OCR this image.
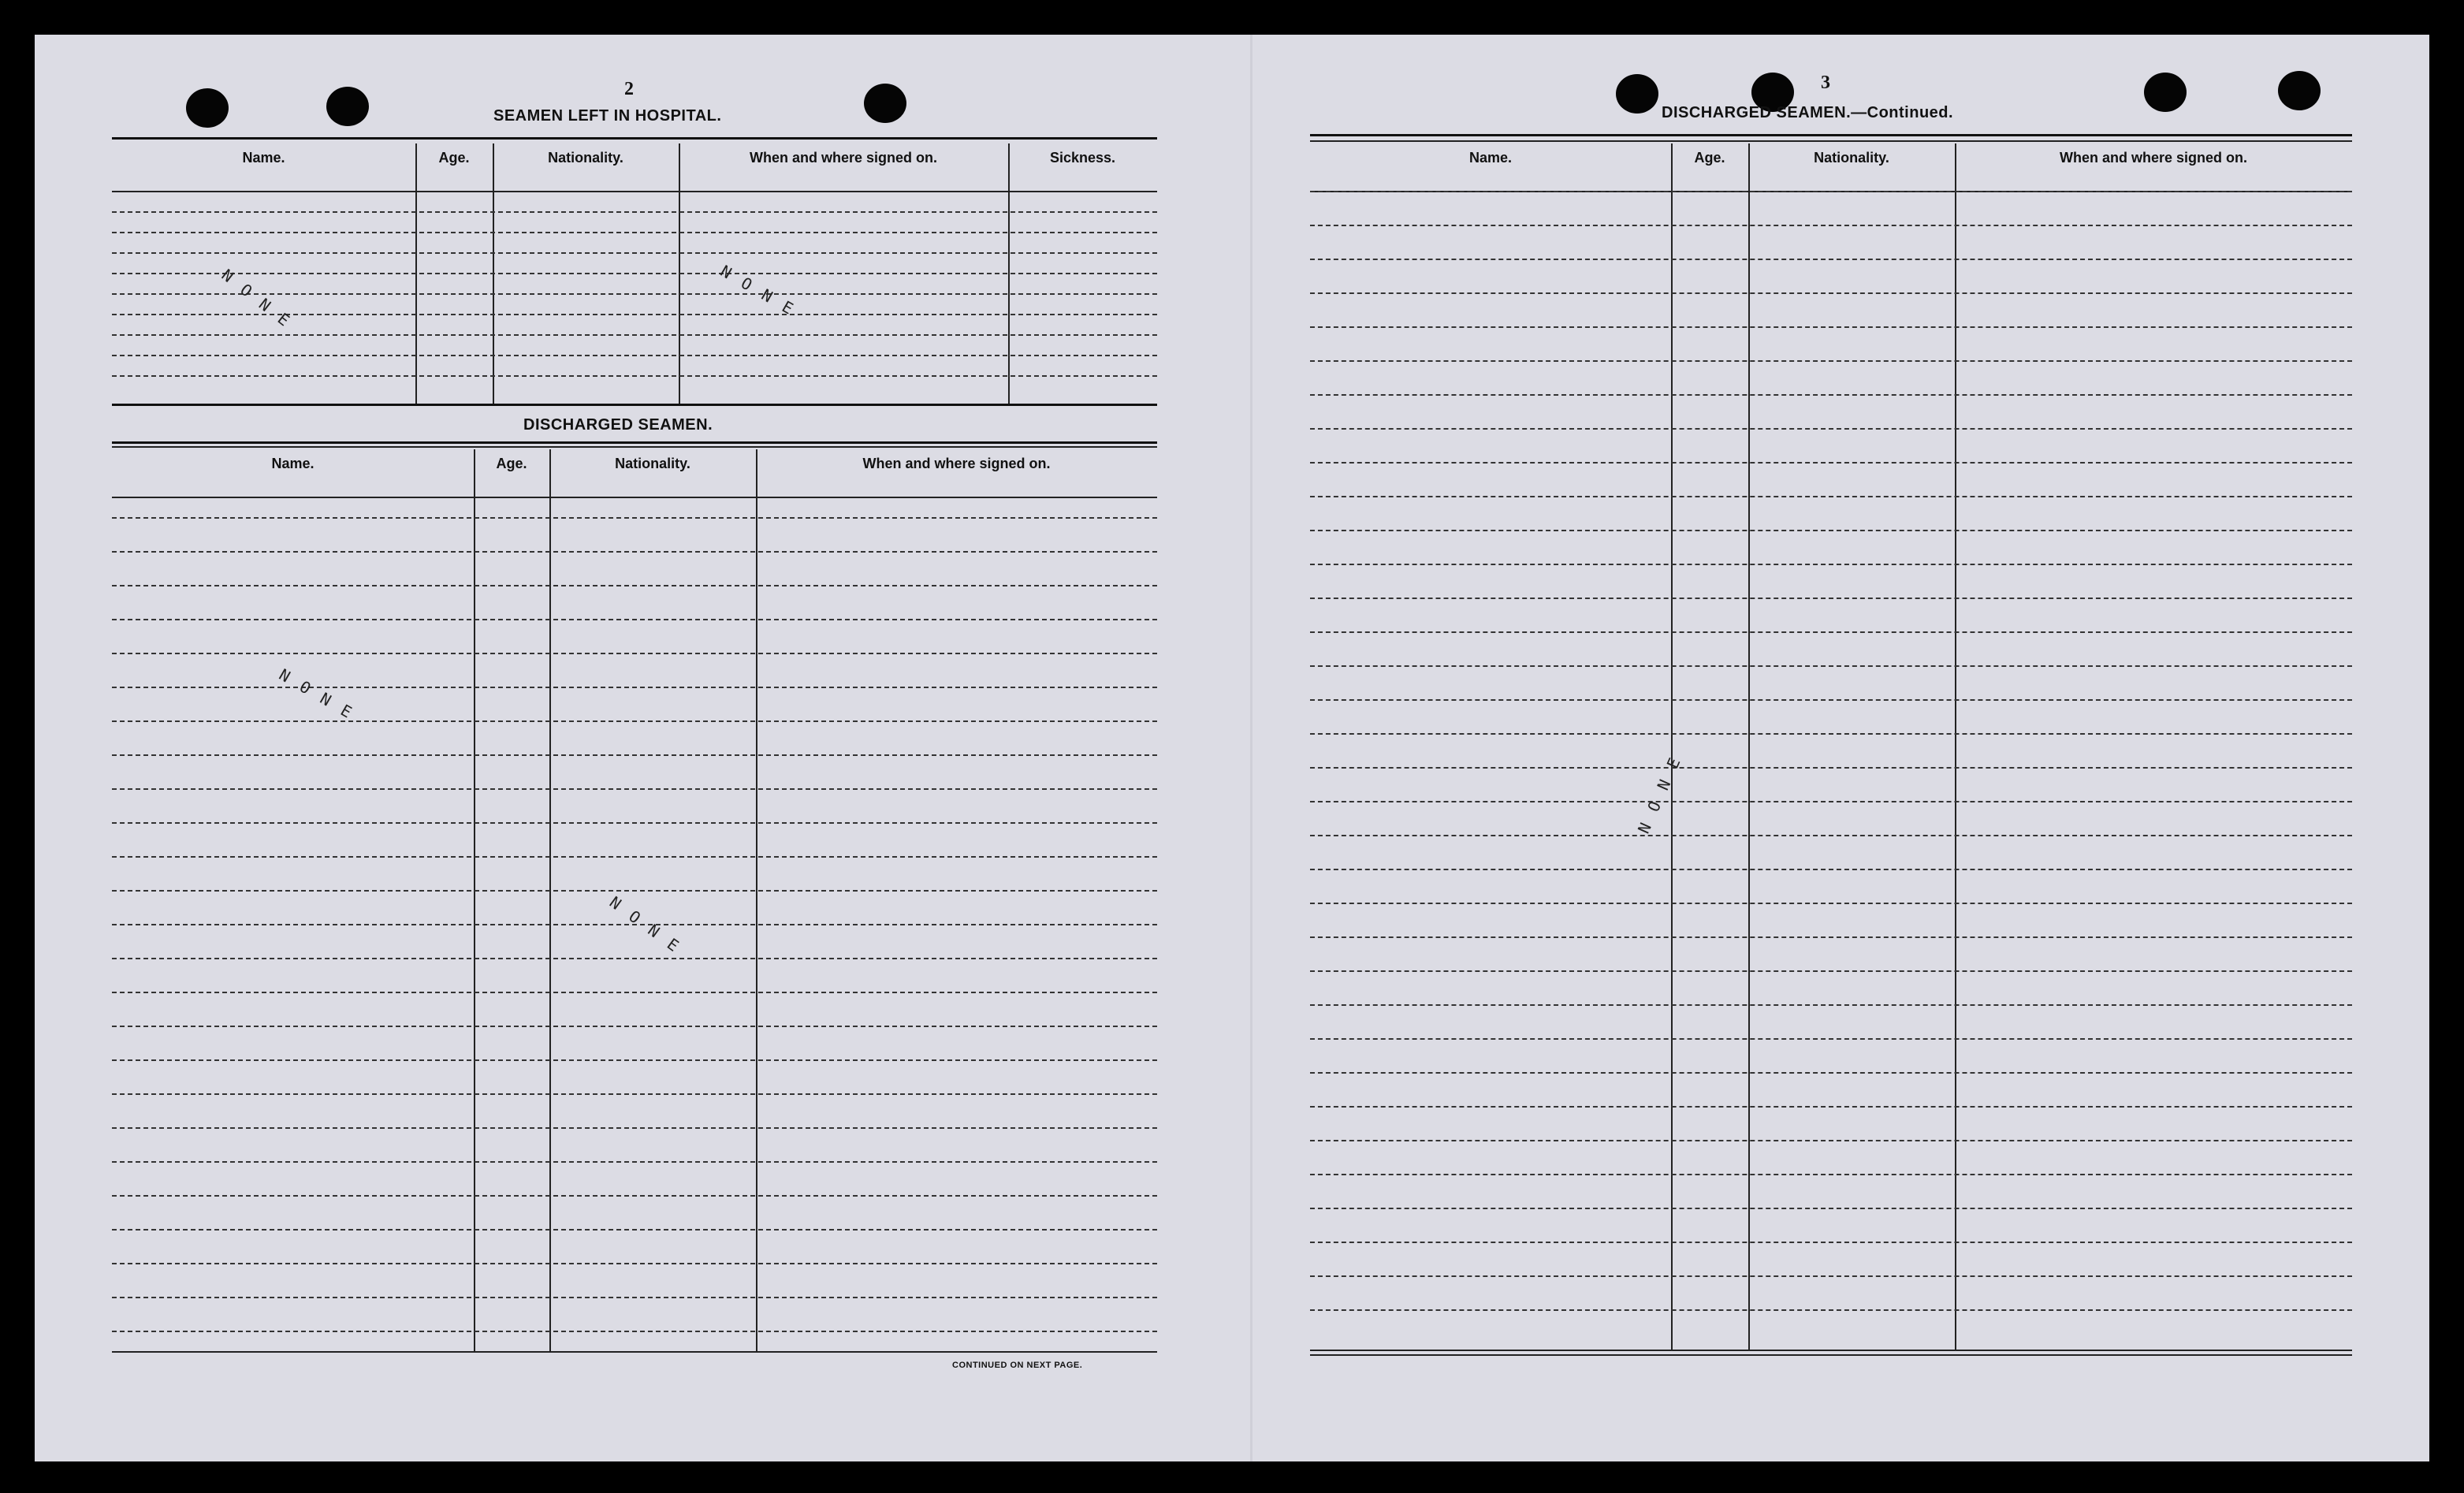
2
SEAMEN LEFT IN HOSPITAL.
Name.	Age.	Nationality.	When and where signed on.	Sickness.
NONE	NONE
DISCHARGED SEAMEN.
Name.	Age.	Nationality.	When and where signed on.
NONE
NONE
CONTINUED ON NEXT PAGE.
3
DISCHARGED SEAMEN.—Continued.
Name.	Age.	Nationality.	When and where signed on.
NONE
